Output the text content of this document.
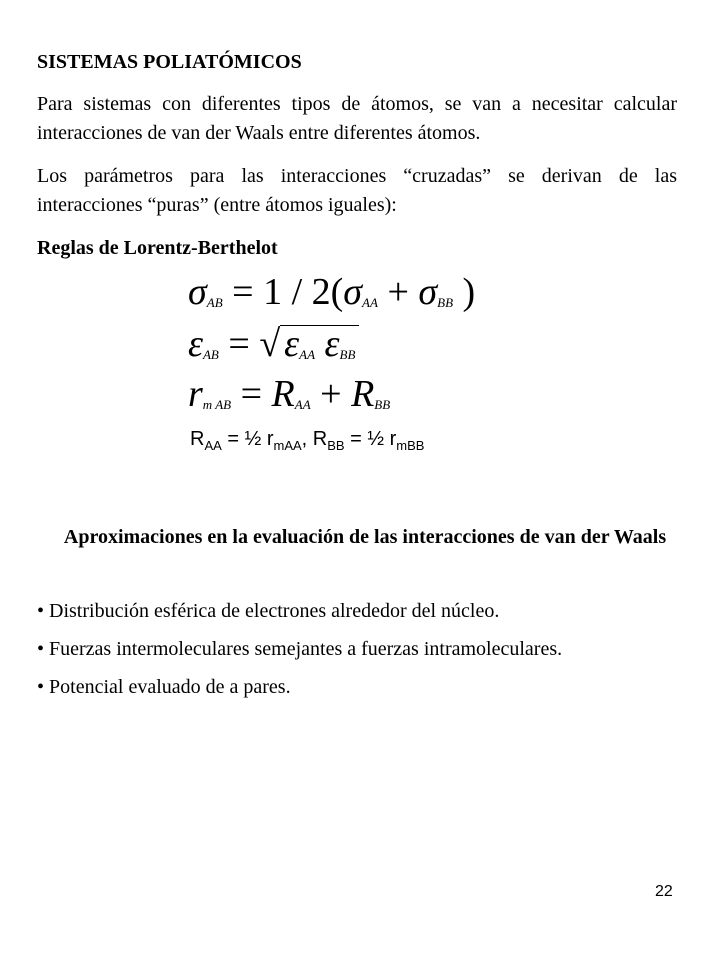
SISTEMAS POLIATÓMICOS
Para sistemas con diferentes tipos de átomos, se van a necesitar calcular interacciones de van der Waals entre diferentes átomos.
Los parámetros para las interacciones “cruzadas” se derivan de las interacciones “puras” (entre átomos iguales):
Reglas de Lorentz-Berthelot
$\sigma_{AB} = 1 / 2(\sigma_{AA} + \sigma_{BB}$ )
$\varepsilon_{AB}$ = √ $\varepsilon_{AA}$ $\varepsilon_{BB}$
$r_{m AB} = R_{AA} + R_{BB}$
$R_{AA}$ = ½ $r_{mAA}$, $R_{BB}$ = ½ $r_{mBB}$
Aproximaciones en la evaluación de las interacciones de van der Waals
• Distribución esférica de electrones alrededor del núcleo.
• Fuerzas intermoleculares semejantes a fuerzas intramoleculares.
• Potencial evaluado de a pares.
22
